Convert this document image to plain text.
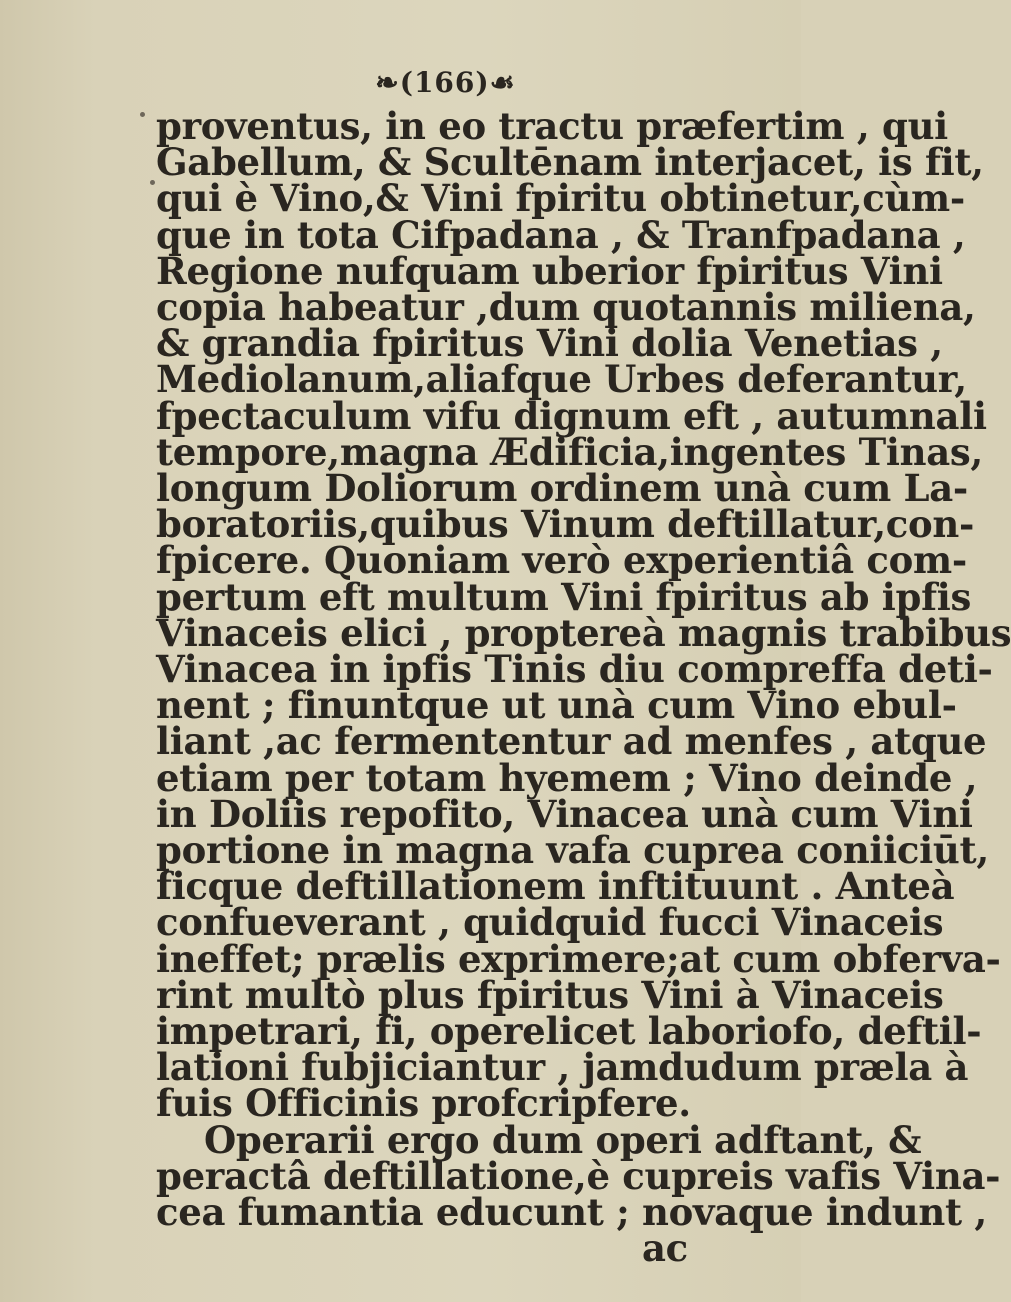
❧(166)☙
proventus, in eo tractu præfertim , qui
Gabellum, & Scultēnam interjacet, is fit,
qui è Vino,& Vini fpiritu obtinetur,cùm-
que in tota Cifpadana , & Tranfpadana ,
Regione nufquam uberior fpiritus Vini
copia habeatur ,dum quotannis miliena,
& grandia fpiritus Vini dolia Venetias ,
Mediolanum,aliafque Urbes deferantur,
fpectaculum vifu dignum eft , autumnali
tempore,magna Ædificia,ingentes Tinas,
longum Doliorum ordinem unà cum La-
boratoriis,quibus Vinum deftillatur,con-
fpicere. Quoniam verò experientiâ com-
pertum eft multum Vini fpiritus ab ipfis
Vinaceis elici , proptereà magnis trabibus
Vinacea in ipfis Tinis diu compreffa deti-
nent ; finuntque ut unà cum Vino ebul-
liant ,ac fermententur ad menfes , atque
etiam per totam hyemem ; Vino deinde ,
in Doliis repofito, Vinacea unà cum Vini
portione in magna vafa cuprea coniiciūt,
ficque deftillationem inftituunt . Anteà
confueverant , quidquid fucci Vinaceis
ineffet; prælis exprimere;at cum obferva-
rint multò plus fpiritus Vini à Vinaceis
impetrari, fi, operelicet laboriofo, deftil-
lationi fubjiciantur , jamdudum præla à
fuis Officinis profcripfere.
Operarii ergo dum operi adftant, &
peractâ deftillatione,è cupreis vafis Vina-
cea fumantia educunt ; novaque indunt ,
ac
